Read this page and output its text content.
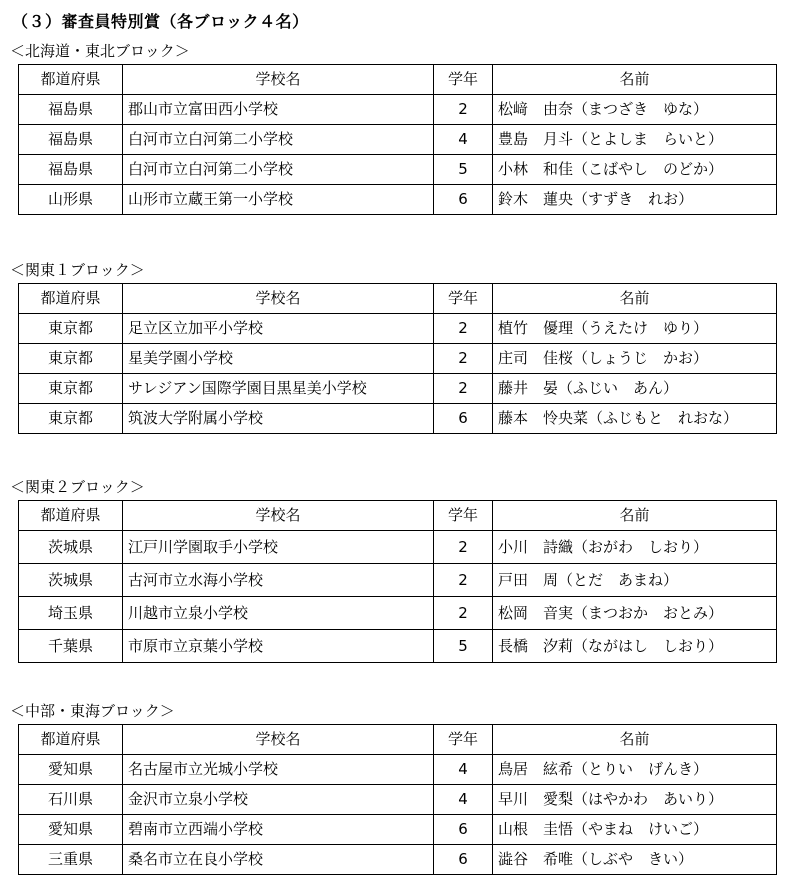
（３）審査員特別賞（各ブロック４名）
＜北海道・東北ブロック＞
都道府県	学校名	学年	名前
福島県	郡山市立富田西小学校	2	松﨑　由奈（まつざき　ゆな）
福島県	白河市立白河第二小学校	4	豊島　月斗（とよしま　らいと）
福島県	白河市立白河第二小学校	5	小林　和佳（こばやし　のどか）
山形県	山形市立蔵王第一小学校	6	鈴木　蓮央（すずき　れお）
＜関東１ブロック＞
都道府県	学校名	学年	名前
東京都	足立区立加平小学校	2	植竹　優理（うえたけ　ゆり）
東京都	星美学園小学校	2	庄司　佳桜（しょうじ　かお）
東京都	サレジアン国際学園目黒星美小学校	2	藤井　晏（ふじい　あん）
東京都	筑波大学附属小学校	6	藤本　怜央菜（ふじもと　れおな）
＜関東２ブロック＞
都道府県	学校名	学年	名前
茨城県	江戸川学園取手小学校	2	小川　詩織（おがわ　しおり）
茨城県	古河市立水海小学校	2	戸田　周（とだ　あまね）
埼玉県	川越市立泉小学校	2	松岡　音実（まつおか　おとみ）
千葉県	市原市立京葉小学校	5	長橋　汐莉（ながはし　しおり）
＜中部・東海ブロック＞
都道府県	学校名	学年	名前
愛知県	名古屋市立光城小学校	4	鳥居　絃希（とりい　げんき）
石川県	金沢市立泉小学校	4	早川　愛梨（はやかわ　あいり）
愛知県	碧南市立西端小学校	6	山根　圭悟（やまね　けいご）
三重県	桑名市立在良小学校	6	澁谷　希唯（しぶや　きい）
